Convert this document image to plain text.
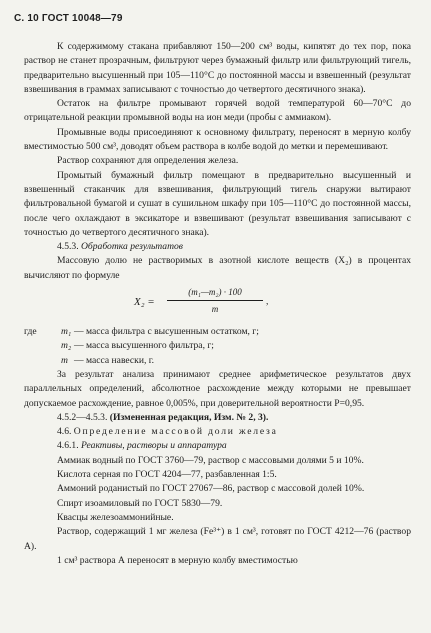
С. 10 ГОСТ 10048—79

К содержимому стакана прибавляют 150—200 см³ воды, кипятят до тех пор, пока раствор не станет прозрачным, фильтруют через бумажный фильтр или фильтрующий тигель, предварительно высушенный при 105—110°С до постоянной массы и взвешенный (результат взвешивания в граммах записывают с точностью до четвертого десятичного знака).

Остаток на фильтре промывают горячей водой температурой 60—70°С до отрицательной реакции промывной воды на ион меди (пробы с аммиаком).

Промывные воды присоединяют к основному фильтрату, переносят в мерную колбу вместимостью 500 см³, доводят объем раствора в колбе водой до метки и перемешивают.

Раствор сохраняют для определения железа.

Промытый бумажный фильтр помещают в предварительно высушенный и взвешенный стаканчик для взвешивания, фильтрующий тигель снаружи вытирают фильтровальной бумагой и сушат в сушильном шкафу при 105—110°С до постоянной массы, после чего охлаждают в эксикаторе и взвешивают (результат взвешивания записывают с точностью до четвертого десятичного знака).

4.5.3. Обработка результатов

Массовую долю не растворимых в азотной кислоте веществ (X₂) в процентах вычисляют по формуле

X₂ =
(m₁—m₂) · 100
m
,
где	m₁ — масса фильтра с высушенным остатком, г;
m₂ — масса высушенного фильтра, г;
m — масса навески, г.

За результат анализа принимают среднее арифметическое результатов двух параллельных определений, абсолютное расхождение между которыми не превышает допускаемое расхождение, равное 0,005%, при доверительной вероятности P=0,95.

4.5.2—4.5.3. (Измененная редакция, Изм. № 2, 3).

4.6. Определение массовой доли железа

4.6.1. Реактивы, растворы и аппаратура

Аммиак водный по ГОСТ 3760—79, раствор с массовыми долями 5 и 10%.

Кислота серная по ГОСТ 4204—77, разбавленная 1:5.

Аммоний роданистый по ГОСТ 27067—86, раствор с массовой долей 10%.

Спирт изоамиловый по ГОСТ 5830—79.

Квасцы железоаммонийные.

Раствор, содержащий 1 мг железа (Fe³⁺) в 1 см³, готовят по ГОСТ 4212—76 (раствор А).

1 см³ раствора А переносят в мерную колбу вместимостью
